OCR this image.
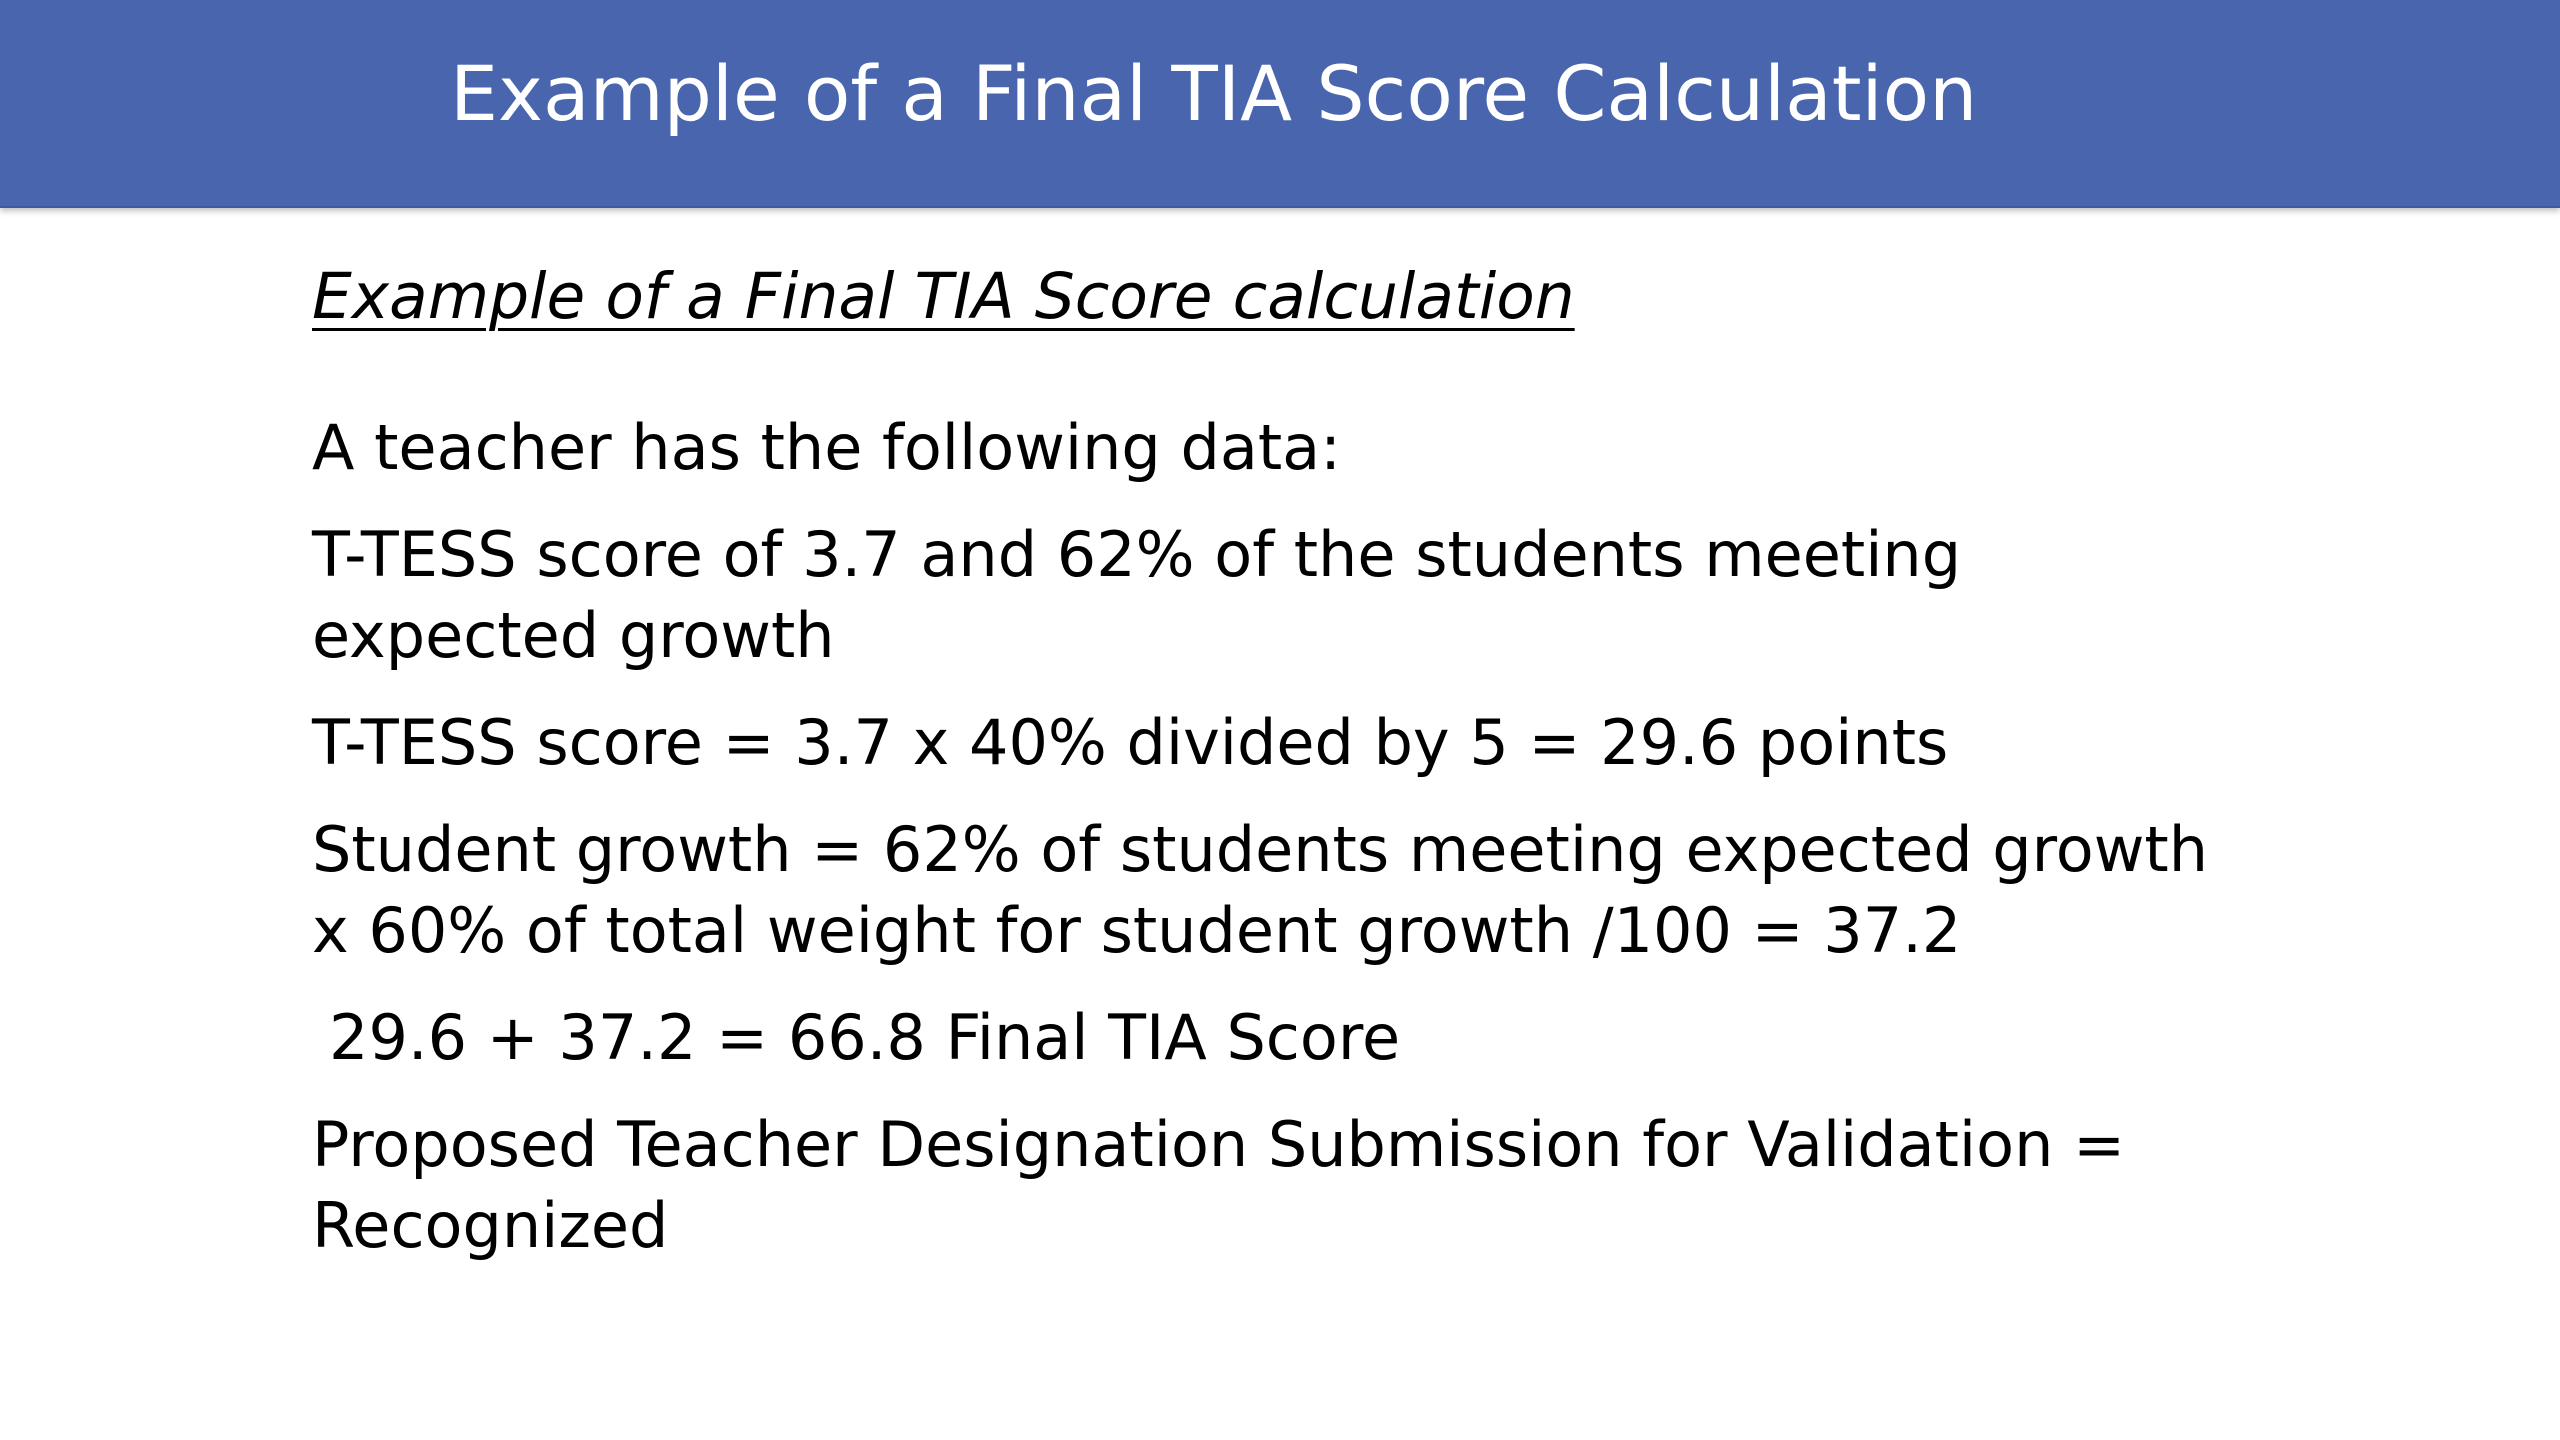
Example of a Final TIA Score Calculation
Example of a Final TIA Score calculation

A teacher has the following data:

T-TESS score of 3.7 and 62% of the students meeting expected growth

T-TESS score = 3.7 x 40% divided by 5 = 29.6 points

Student growth = 62% of students meeting expected growth x 60% of total weight for student growth /100 = 37.2

29.6 + 37.2 = 66.8 Final TIA Score

Proposed Teacher Designation Submission for Validation = Recognized
